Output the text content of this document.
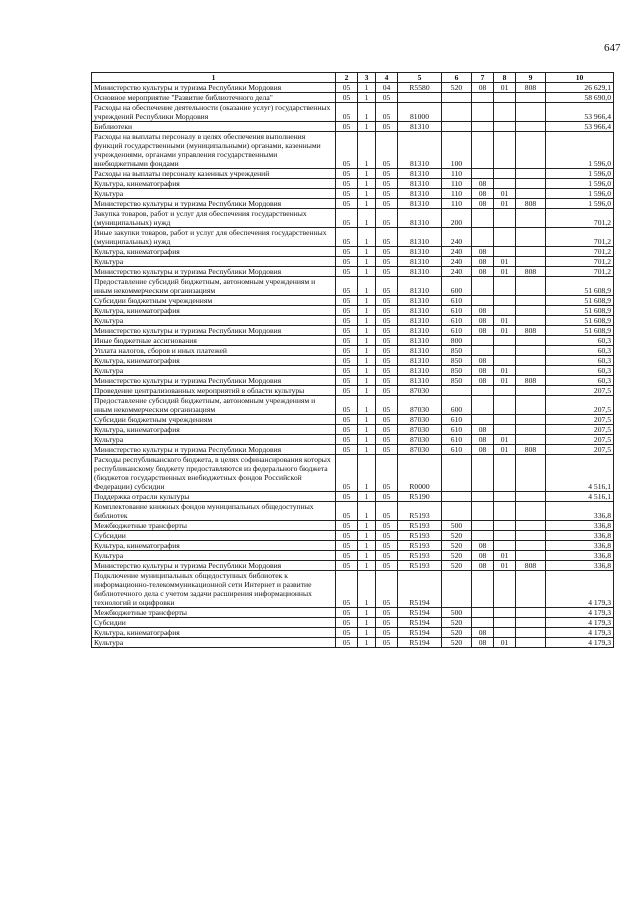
647
1	2	3	4	5	6	7	8	9	10
Министерство культуры и туризма Республики Мордовия	05	1	04	R5580	520	08	01	808	26 629,1
Основное мероприятие "Развитие библиотечного дела"	05	1	05						58 690,0
Расходы на обеспечение деятельности (оказание услуг) государственных учреждений Республики Мордовия	05	1	05	81000					53 966,4
Библиотеки	05	1	05	81310					53 966,4
Расходы на выплаты персоналу в целях обеспечения выполнения функций государственными (муниципальными) органами, казенными учреждениями, органами управления государственными внебюджетными фондами	05	1	05	81310	100				1 596,0
Расходы на выплаты персоналу казенных учреждений	05	1	05	81310	110				1 596,0
Культура, кинематография	05	1	05	81310	110	08			1 596,0
Культура	05	1	05	81310	110	08	01		1 596,0
Министерство культуры и туризма Республики Мордовия	05	1	05	81310	110	08	01	808	1 596,0
Закупка товаров, работ и услуг для обеспечения государственных (муниципальных) нужд	05	1	05	81310	200				701,2
Иные закупки товаров, работ и услуг для обеспечения государственных (муниципальных) нужд	05	1	05	81310	240				701,2
Культура, кинематография	05	1	05	81310	240	08			701,2
Культура	05	1	05	81310	240	08	01		701,2
Министерство культуры и туризма Республики Мордовия	05	1	05	81310	240	08	01	808	701,2
Предоставление субсидий бюджетным, автономным учреждениям и иным некоммерческим организациям	05	1	05	81310	600				51 608,9
Субсидии бюджетным учреждениям	05	1	05	81310	610				51 608,9
Культура, кинематография	05	1	05	81310	610	08			51 608,9
Культура	05	1	05	81310	610	08	01		51 608,9
Министерство культуры и туризма Республики Мордовия	05	1	05	81310	610	08	01	808	51 608,9
Иные бюджетные ассигнования	05	1	05	81310	800				60,3
Уплата налогов, сборов и иных платежей	05	1	05	81310	850				60,3
Культура, кинематография	05	1	05	81310	850	08			60,3
Культура	05	1	05	81310	850	08	01		60,3
Министерство культуры и туризма Республики Мордовия	05	1	05	81310	850	08	01	808	60,3
Проведение централизованных мероприятий в области культуры	05	1	05	87030					207,5
Предоставление субсидий бюджетным, автономным учреждениям и иным некоммерческим организациям	05	1	05	87030	600				207,5
Субсидии бюджетным учреждениям	05	1	05	87030	610				207,5
Культура, кинематография	05	1	05	87030	610	08			207,5
Культура	05	1	05	87030	610	08	01		207,5
Министерство культуры и туризма Республики Мордовия	05	1	05	87030	610	08	01	808	207,5
Расходы республиканского бюджета, в целях софинансирования которых республиканскому бюджету предоставляются из федерального бюджета (бюджетов государственных внебюджетных фондов Российской Федерации) субсидии	05	1	05	R0000					4 516,1
Поддержка отрасли культуры	05	1	05	R5190					4 516,1
Комплектование книжных фондов муниципальных общедоступных библиотек	05	1	05	R5193					336,8
Межбюджетные трансферты	05	1	05	R5193	500				336,8
Субсидии	05	1	05	R5193	520				336,8
Культура, кинематография	05	1	05	R5193	520	08			336,8
Культура	05	1	05	R5193	520	08	01		336,8
Министерство культуры и туризма Республики Мордовия	05	1	05	R5193	520	08	01	808	336,8
Подключение муниципальных общедоступных библиотек к информационно-телекоммуникационной сети Интернет и развитие библиотечного дела с учетом задачи расширения информационных технологий и оцифровки	05	1	05	R5194					4 179,3
Межбюджетные трансферты	05	1	05	R5194	500				4 179,3
Субсидии	05	1	05	R5194	520				4 179,3
Культура, кинематография	05	1	05	R5194	520	08			4 179,3
Культура	05	1	05	R5194	520	08	01		4 179,3
